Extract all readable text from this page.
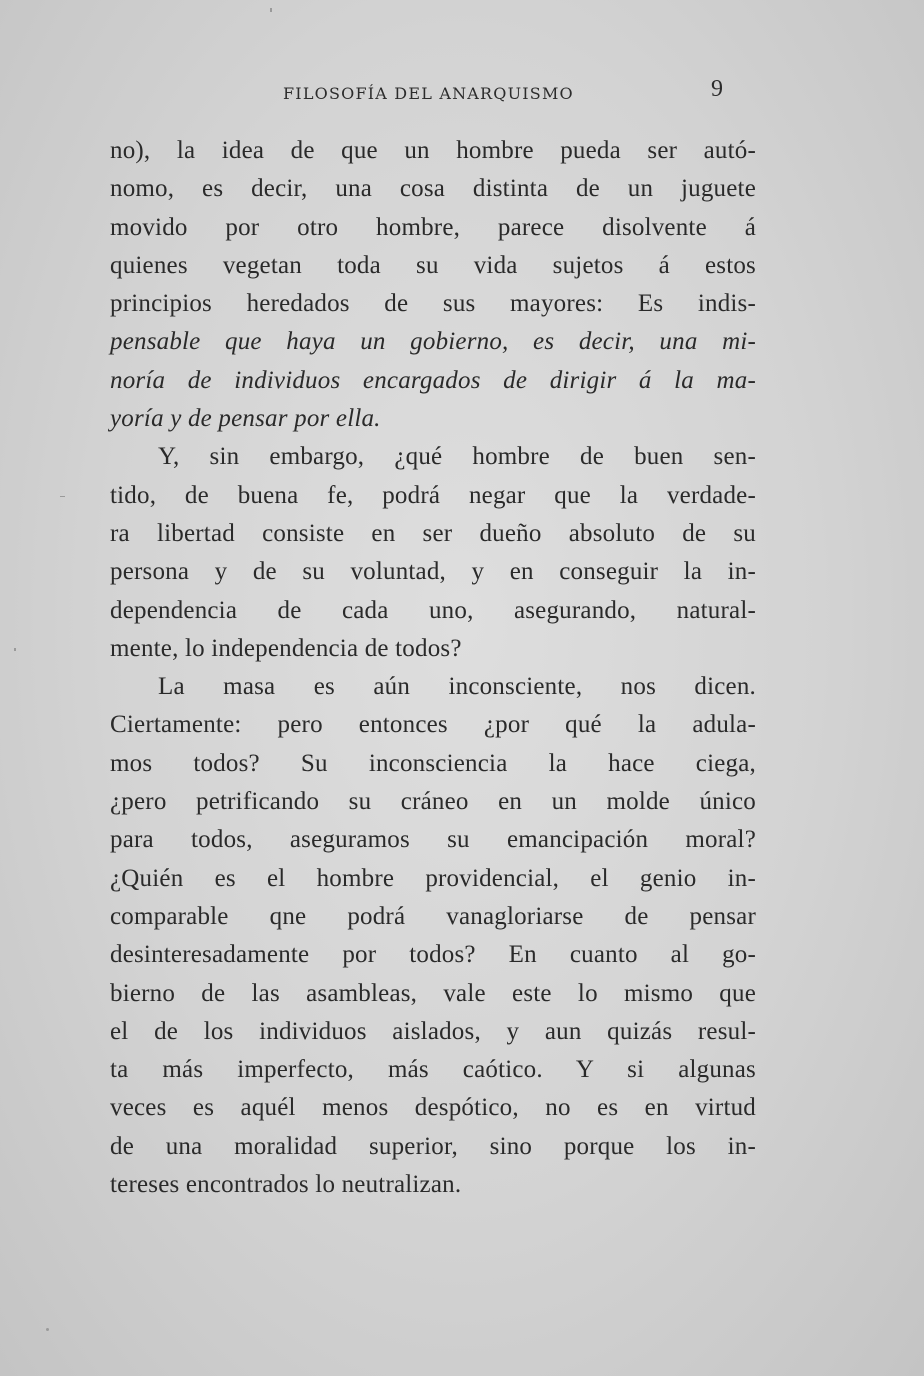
FILOSOFÍA DEL ANARQUISMO	9
no), la idea de que un hombre pueda ser autó-
nomo, es decir, una cosa distinta de un juguete
movido por otro hombre, parece disolvente á
quienes vegetan toda su vida sujetos á estos
principios heredados de sus mayores: Es indis-
pensable que haya un gobierno, es decir, una mi-
noría de individuos encargados de dirigir á la ma-
yoría y de pensar por ella.
Y, sin embargo, ¿qué hombre de buen sen-
tido, de buena fe, podrá negar que la verdade-
ra libertad consiste en ser dueño absoluto de su
persona y de su voluntad, y en conseguir la in-
dependencia de cada uno, asegurando, natural-
mente, lo independencia de todos?
La masa es aún inconsciente, nos dicen.
Ciertamente: pero entonces ¿por qué la adula-
mos todos? Su inconsciencia la hace ciega,
¿pero petrificando su cráneo en un molde único
para todos, aseguramos su emancipación moral?
¿Quién es el hombre providencial, el genio in-
comparable qne podrá vanagloriarse de pensar
desinteresadamente por todos? En cuanto al go-
bierno de las asambleas, vale este lo mismo que
el de los individuos aislados, y aun quizás resul-
ta más imperfecto, más caótico. Y si algunas
veces es aquél menos despótico, no es en virtud
de una moralidad superior, sino porque los in-
tereses encontrados lo neutralizan.
